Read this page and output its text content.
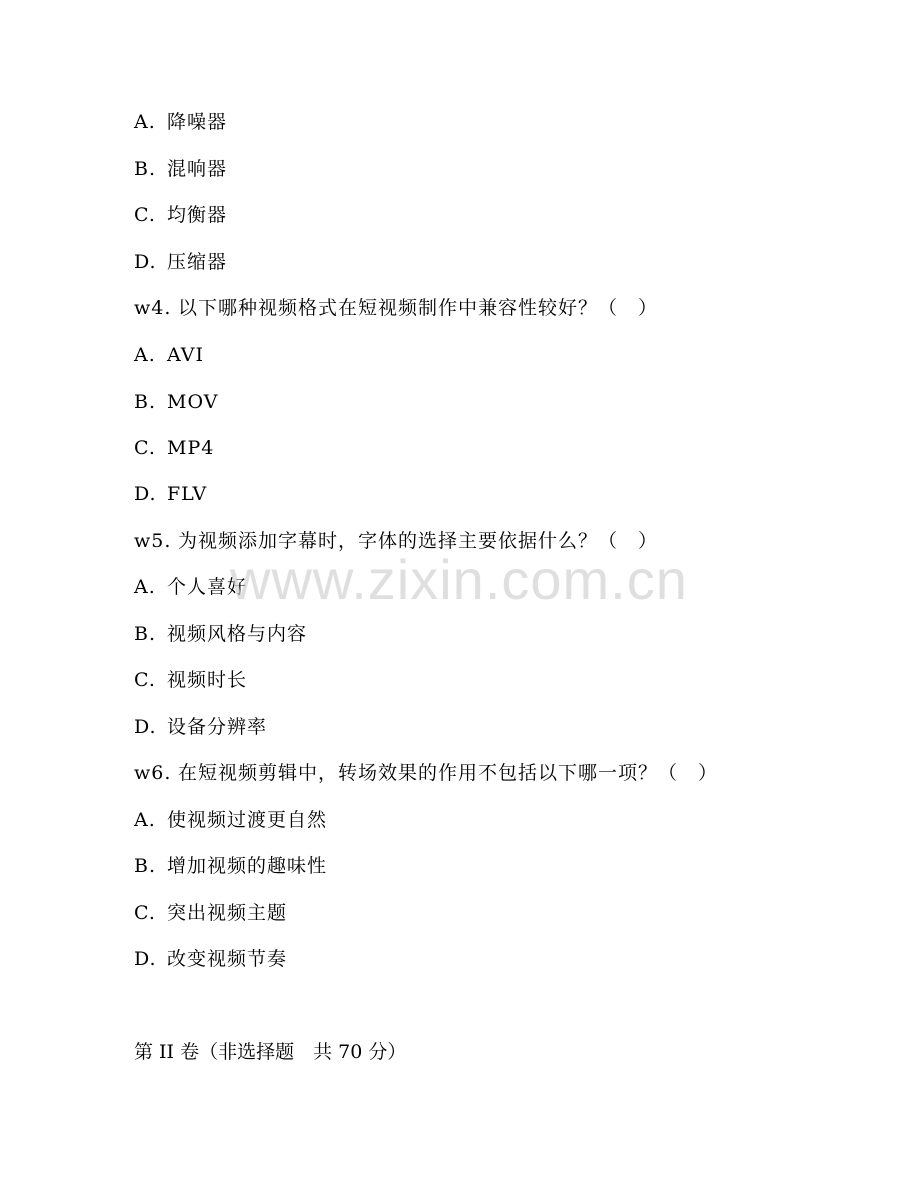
A. 降噪器
B. 混响器
C. 均衡器
D. 压缩器
w4. 以下哪种视频格式在短视频制作中兼容性较好？（　）
A. AVI
B. MOV
C. MP4
D. FLV
w5. 为视频添加字幕时，字体的选择主要依据什么？（　）
A. 个人喜好
B. 视频风格与内容
C. 视频时长
D. 设备分辨率
w6. 在短视频剪辑中，转场效果的作用不包括以下哪一项？（　）
A. 使视频过渡更自然
B. 增加视频的趣味性
C. 突出视频主题
D. 改变视频节奏
第 II 卷（非选择题　共 70 分）
www.zixin.com.cn
